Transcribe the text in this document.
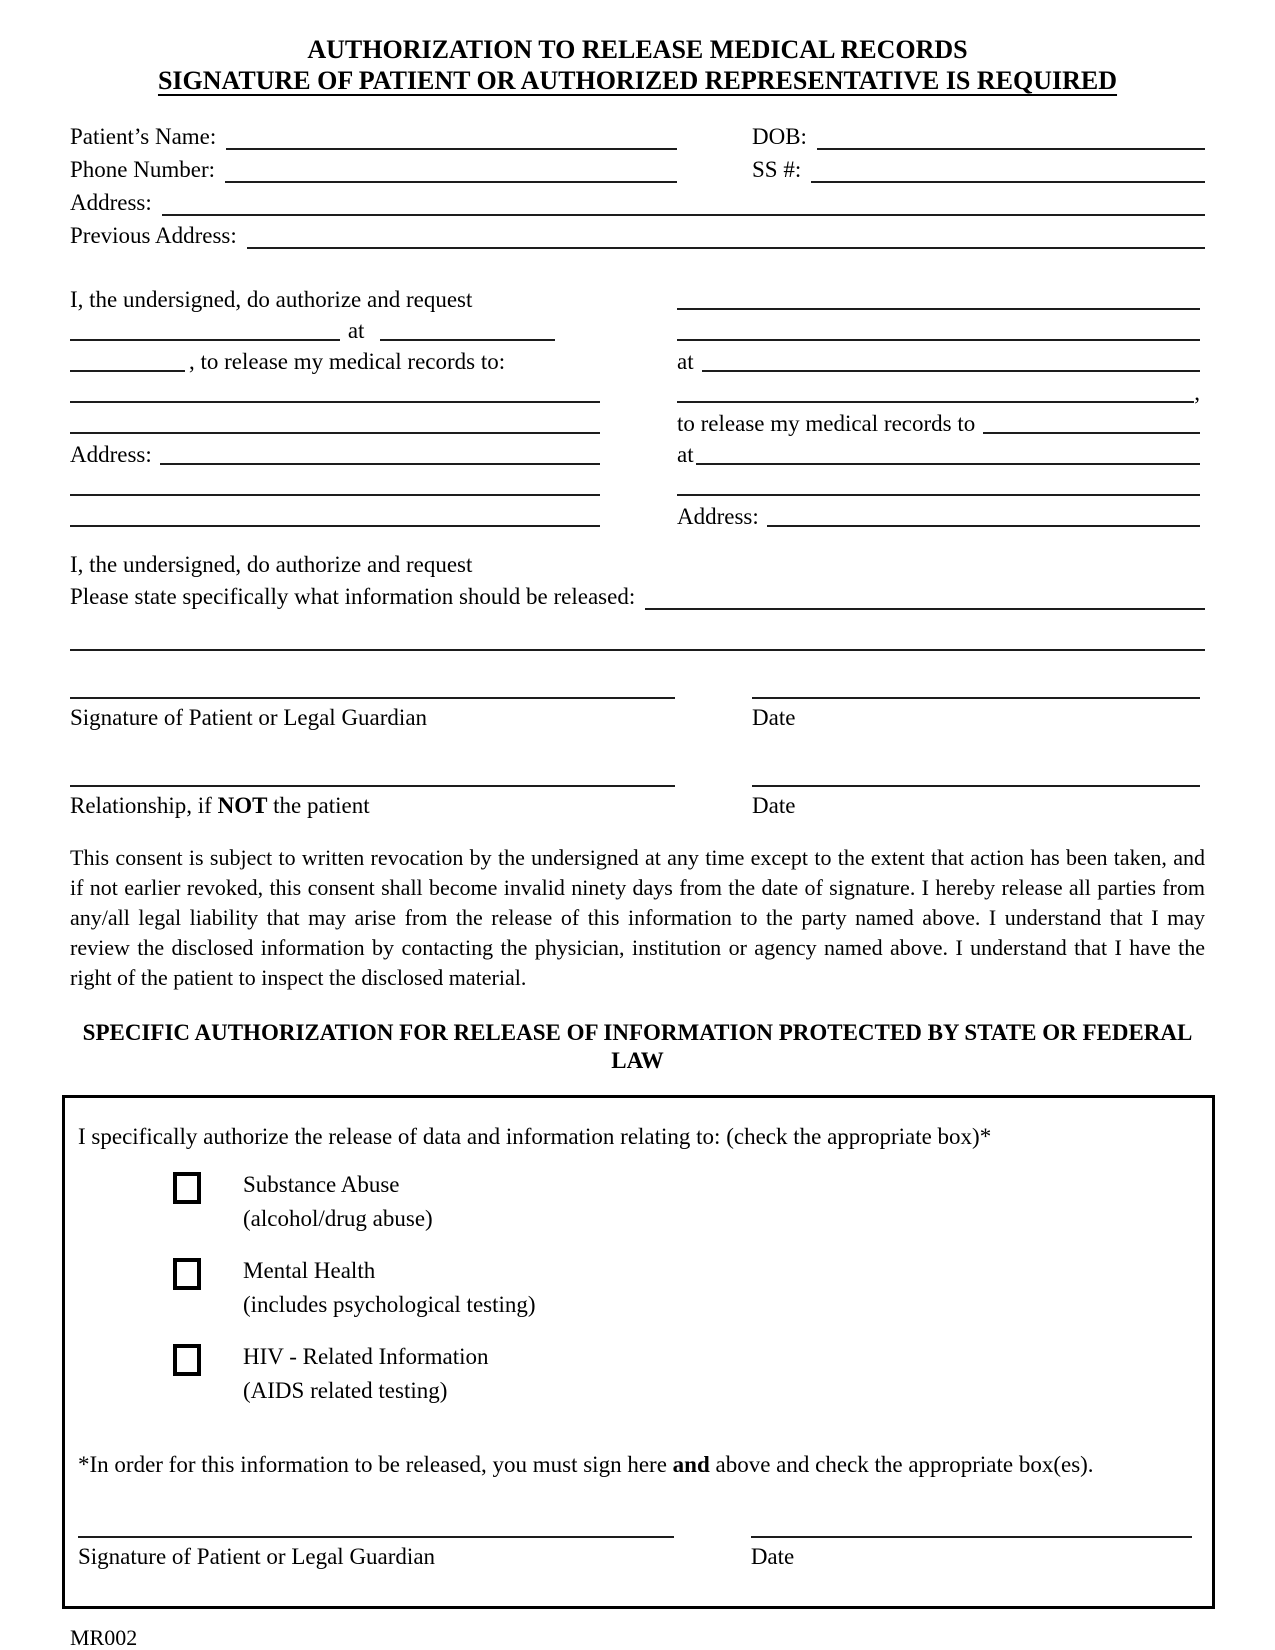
AUTHORIZATION TO RELEASE MEDICAL RECORDS
SIGNATURE OF PATIENT OR AUTHORIZED REPRESENTATIVE IS REQUIRED
Patient’s Name:	DOB:
Phone Number:	SS #:
Address:
Previous Address:
I, the undersigned, do authorize and request
at
, to release my medical records to:
Address:
at
,
to release my medical records to
at
Address:
I, the undersigned, do authorize and request
Please state specifically what information should be released:
Signature of Patient or Legal Guardian	Date
Relationship, if NOT the patient	Date
This consent is subject to written revocation by the undersigned at any time except to the extent that action has been taken, and if not earlier revoked, this consent shall become invalid ninety days from the date of signature. I hereby release all parties from any/all legal liability that may arise from the release of this information to the party named above. I understand that I may review the disclosed information by contacting the physician, institution or agency named above. I understand that I have the right of the patient to inspect the disclosed material.
SPECIFIC AUTHORIZATION FOR RELEASE OF INFORMATION PROTECTED BY STATE OR FEDERAL LAW
I specifically authorize the release of data and information relating to: (check the appropriate box)*
Substance Abuse
(alcohol/drug abuse)
Mental Health
(includes psychological testing)
HIV - Related Information
(AIDS related testing)
*In order for this information to be released, you must sign here and above and check the appropriate box(es).
Signature of Patient or Legal Guardian	Date
MR002
